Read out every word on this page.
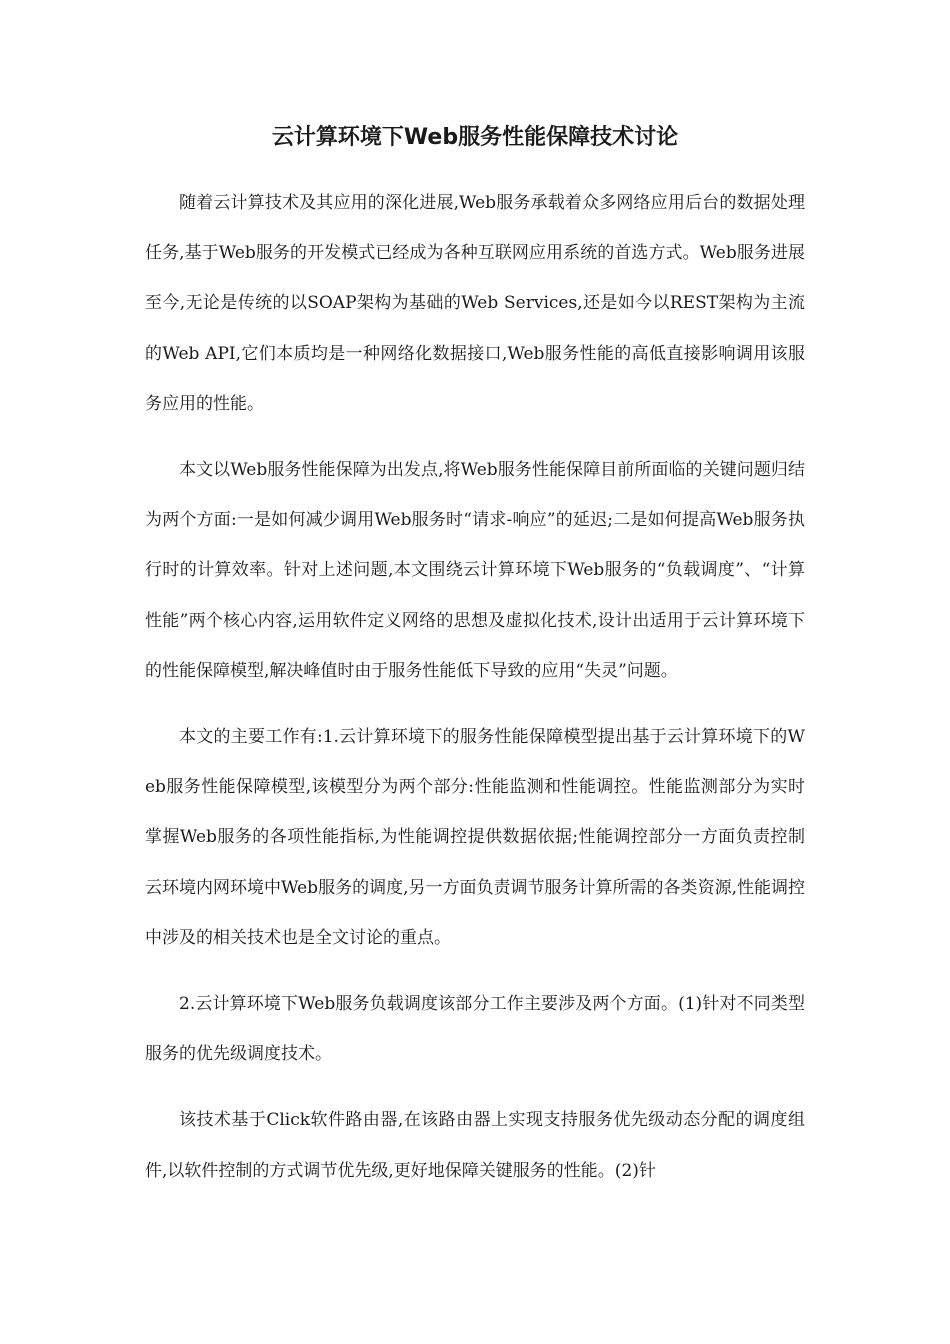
云计算环境下Web服务性能保障技术讨论

随着云计算技术及其应用的深化进展,Web服务承载着众多网络应用后台的数据处理任务,基于Web服务的开发模式已经成为各种互联网应用系统的首选方式。Web服务进展至今,无论是传统的以SOAP架构为基础的Web Services,还是如今以REST架构为主流的Web API,它们本质均是一种网络化数据接口,Web服务性能的高低直接影响调用该服务应用的性能。

本文以Web服务性能保障为出发点,将Web服务性能保障目前所面临的关键问题归结为两个方面:一是如何减少调用Web服务时“请求-响应”的延迟;二是如何提高Web服务执行时的计算效率。针对上述问题,本文围绕云计算环境下Web服务的“负载调度”、“计算性能”两个核心内容,运用软件定义网络的思想及虚拟化技术,设计出适用于云计算环境下的性能保障模型,解决峰值时由于服务性能低下导致的应用“失灵”问题。

本文的主要工作有:1.云计算环境下的服务性能保障模型提出基于云计算环境下的Web服务性能保障模型,该模型分为两个部分:性能监测和性能调控。性能监测部分为实时掌握Web服务的各项性能指标,为性能调控提供数据依据;性能调控部分一方面负责控制云环境内网环境中Web服务的调度,另一方面负责调节服务计算所需的各类资源,性能调控中涉及的相关技术也是全文讨论的重点。

2.云计算环境下Web服务负载调度该部分工作主要涉及两个方面。(1)针对不同类型服务的优先级调度技术。

该技术基于Click软件路由器,在该路由器上实现支持服务优先级动态分配的调度组件,以软件控制的方式调节优先级,更好地保障关键服务的性能。(2)针
